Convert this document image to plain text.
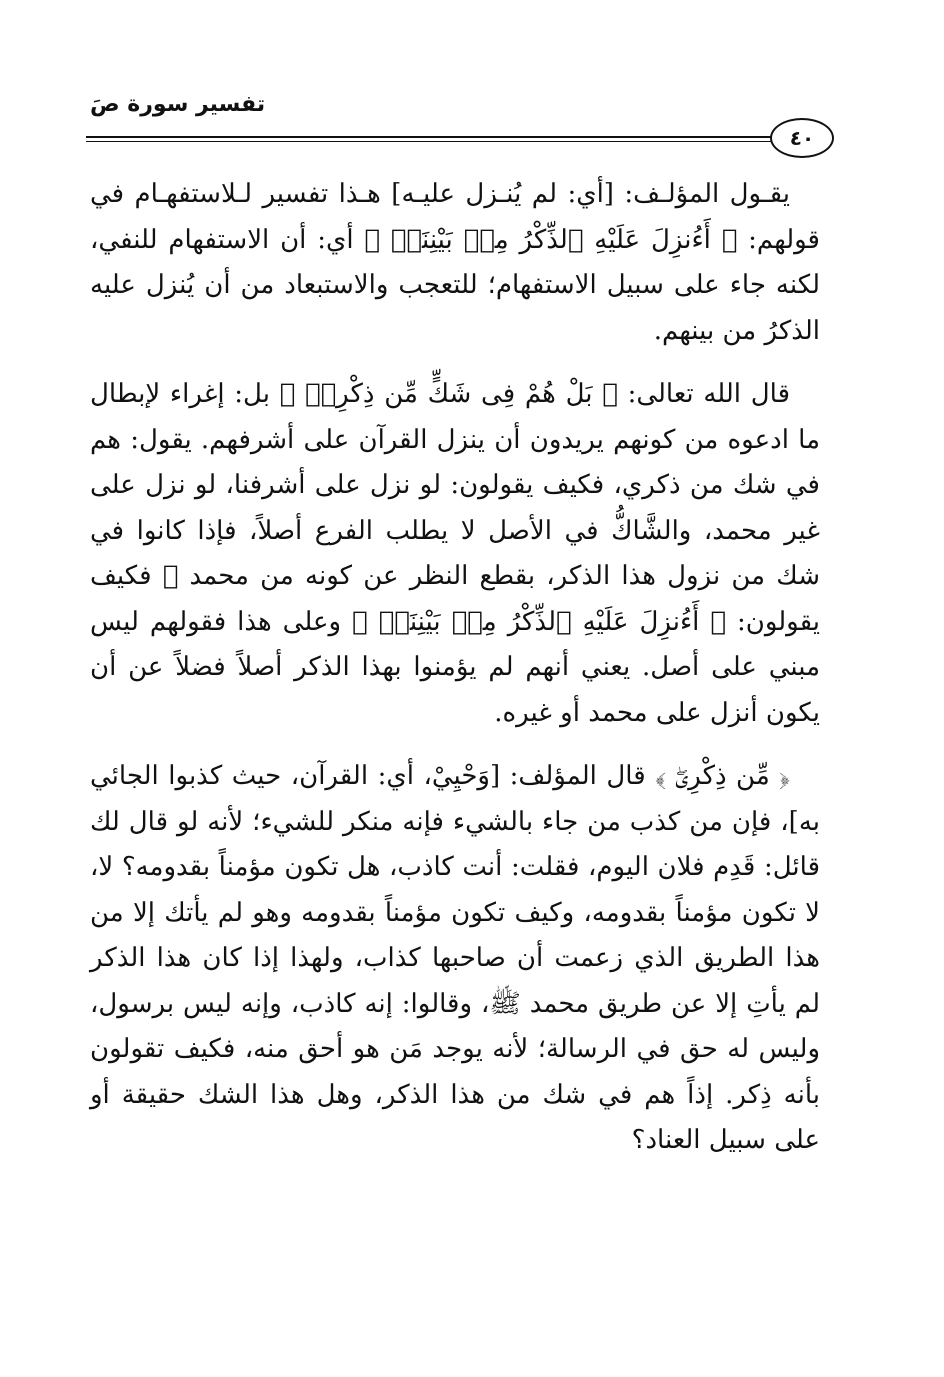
تفسير سورة صَ
٤٠

يقـول المؤلـف: [أي: لم يُنـزل عليـه] هـذا تفسير لـلاستفهـام في قولهم: ﴿ أَءُنزِلَ عَلَيْهِ ٱلذِّكْرُ مِنۢ بَيْنِنَاۚ ﴾ أي: أن الاستفهام للنفي، لكنه جاء على سبيل الاستفهام؛ للتعجب والاستبعاد من أن يُنزل عليه الذكرُ من بينهم.

قال الله تعالى: ﴿ بَلْ هُمْ فِى شَكٍّ مِّن ذِكْرِىۖ ﴾ بل: إغراء لإبطال ما ادعوه من كونهم يريدون أن ينزل القرآن على أشرفهم. يقول: هم في شك من ذكري، فكيف يقولون: لو نزل على أشرفنا، لو نزل على غير محمد، والشَّاكُّ في الأصل لا يطلب الفرع أصلاً، فإذا كانوا في شك من نزول هذا الذكر، بقطع النظر عن كونه من محمد ﷺ فكيف يقولون: ﴿ أَءُنزِلَ عَلَيْهِ ٱلذِّكْرُ مِنۢ بَيْنِنَاۚ ﴾ وعلى هذا فقولهم ليس مبني على أصل. يعني أنهم لم يؤمنوا بهذا الذكر أصلاً فضلاً عن أن يكون أنزل على محمد أو غيره.

﴿ مِّن ذِكْرِىۖ ﴾ قال المؤلف: [وَحْيِيْ، أي: القرآن، حيث كذبوا الجائي به]، فإن من كذب من جاء بالشيء فإنه منكر للشيء؛ لأنه لو قال لك قائل: قَدِم فلان اليوم، فقلت: أنت كاذب، هل تكون مؤمناً بقدومه؟ لا، لا تكون مؤمناً بقدومه، وكيف تكون مؤمناً بقدومه وهو لم يأتك إلا من هذا الطريق الذي زعمت أن صاحبها كذاب، ولهذا إذا كان هذا الذكر لم يأتِ إلا عن طريق محمد ﷺ، وقالوا: إنه كاذب، وإنه ليس برسول، وليس له حق في الرسالة؛ لأنه يوجد مَن هو أحق منه، فكيف تقولون بأنه ذِكر. إذاً هم في شك من هذا الذكر، وهل هذا الشك حقيقة أو على سبيل العناد؟
